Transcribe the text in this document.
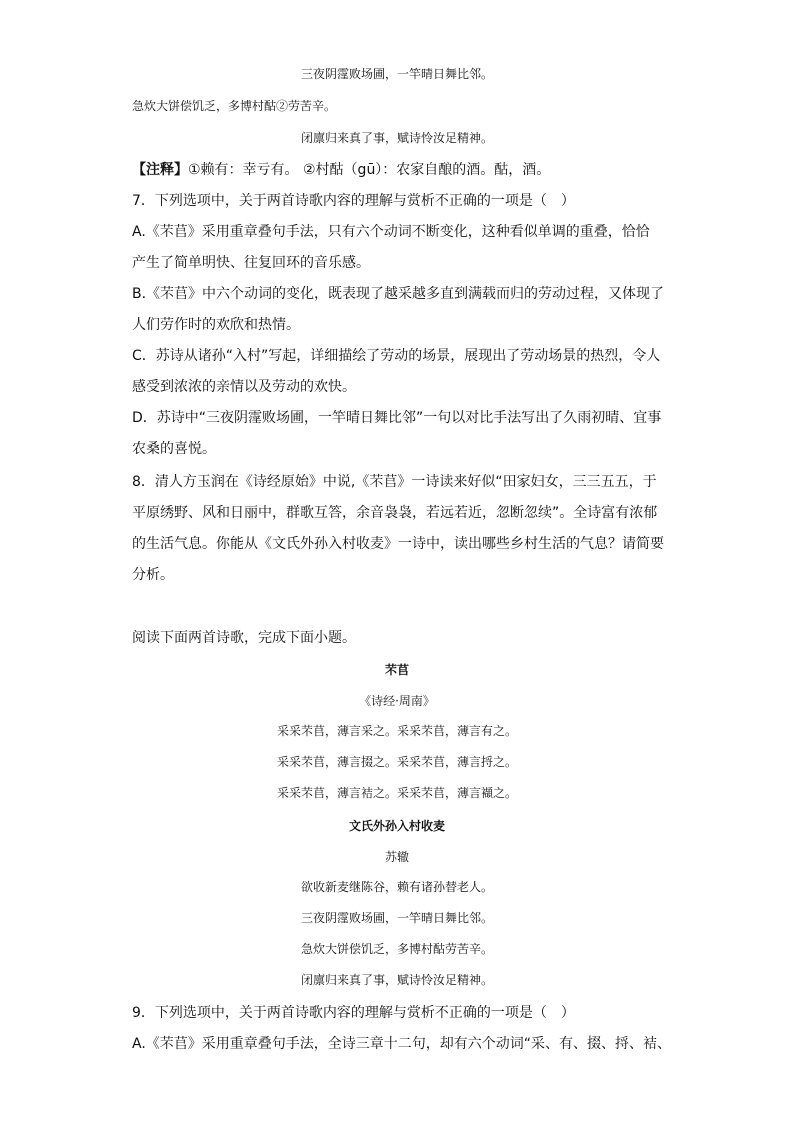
三夜阴霪败场圃，一竿晴日舞比邻。
急炊大饼偿饥乏，多博村酤②劳苦辛。
闭廪归来真了事，赋诗怜汝足精神。
【注释】①赖有：幸亏有。 ②村酤（gū）：农家自酿的酒。酤，酒。
7．下列选项中，关于两首诗歌内容的理解与赏析不正确的一项是（　）
A.《芣苢》采用重章叠句手法，只有六个动词不断变化，这种看似单调的重叠，恰恰
产生了简单明快、往复回环的音乐感。
B.《芣苢》中六个动词的变化，既表现了越采越多直到满载而归的劳动过程，又体现了
人们劳作时的欢欣和热情。
C．苏诗从诸孙“入村”写起，详细描绘了劳动的场景，展现出了劳动场景的热烈，令人
感受到浓浓的亲情以及劳动的欢快。
D．苏诗中“三夜阴霪败场圃，一竿晴日舞比邻”一句以对比手法写出了久雨初晴、宜事
农桑的喜悦。
8．清人方玉润在《诗经原始》中说,《芣苢》一诗读来好似“田家妇女，三三五五，于
平原绣野、风和日丽中，群歌互答，余音袅袅，若远若近，忽断忽续”。全诗富有浓郁
的生活气息。你能从《文氏外孙入村收麦》一诗中，读出哪些乡村生活的气息？请简要
分析。
阅读下面两首诗歌，完成下面小题。
芣苢
《诗经·周南》
采采芣苢，薄言采之。采采芣苢，薄言有之。
采采芣苢，薄言掇之。采采芣苢，薄言捋之。
采采芣苢，薄言袺之。采采芣苢，薄言襭之。
文氏外孙入村收麦
苏辙
欲收新麦继陈谷，赖有诸孙替老人。
三夜阴霪败场圃，一竿晴日舞比邻。
急炊大饼偿饥乏，多博村酤劳苦辛。
闭廪归来真了事，赋诗怜汝足精神。
9．下列选项中，关于两首诗歌内容的理解与赏析不正确的一项是（　）
A.《芣苢》采用重章叠句手法，全诗三章十二句，却有六个动词“采、有、掇、捋、袺、
